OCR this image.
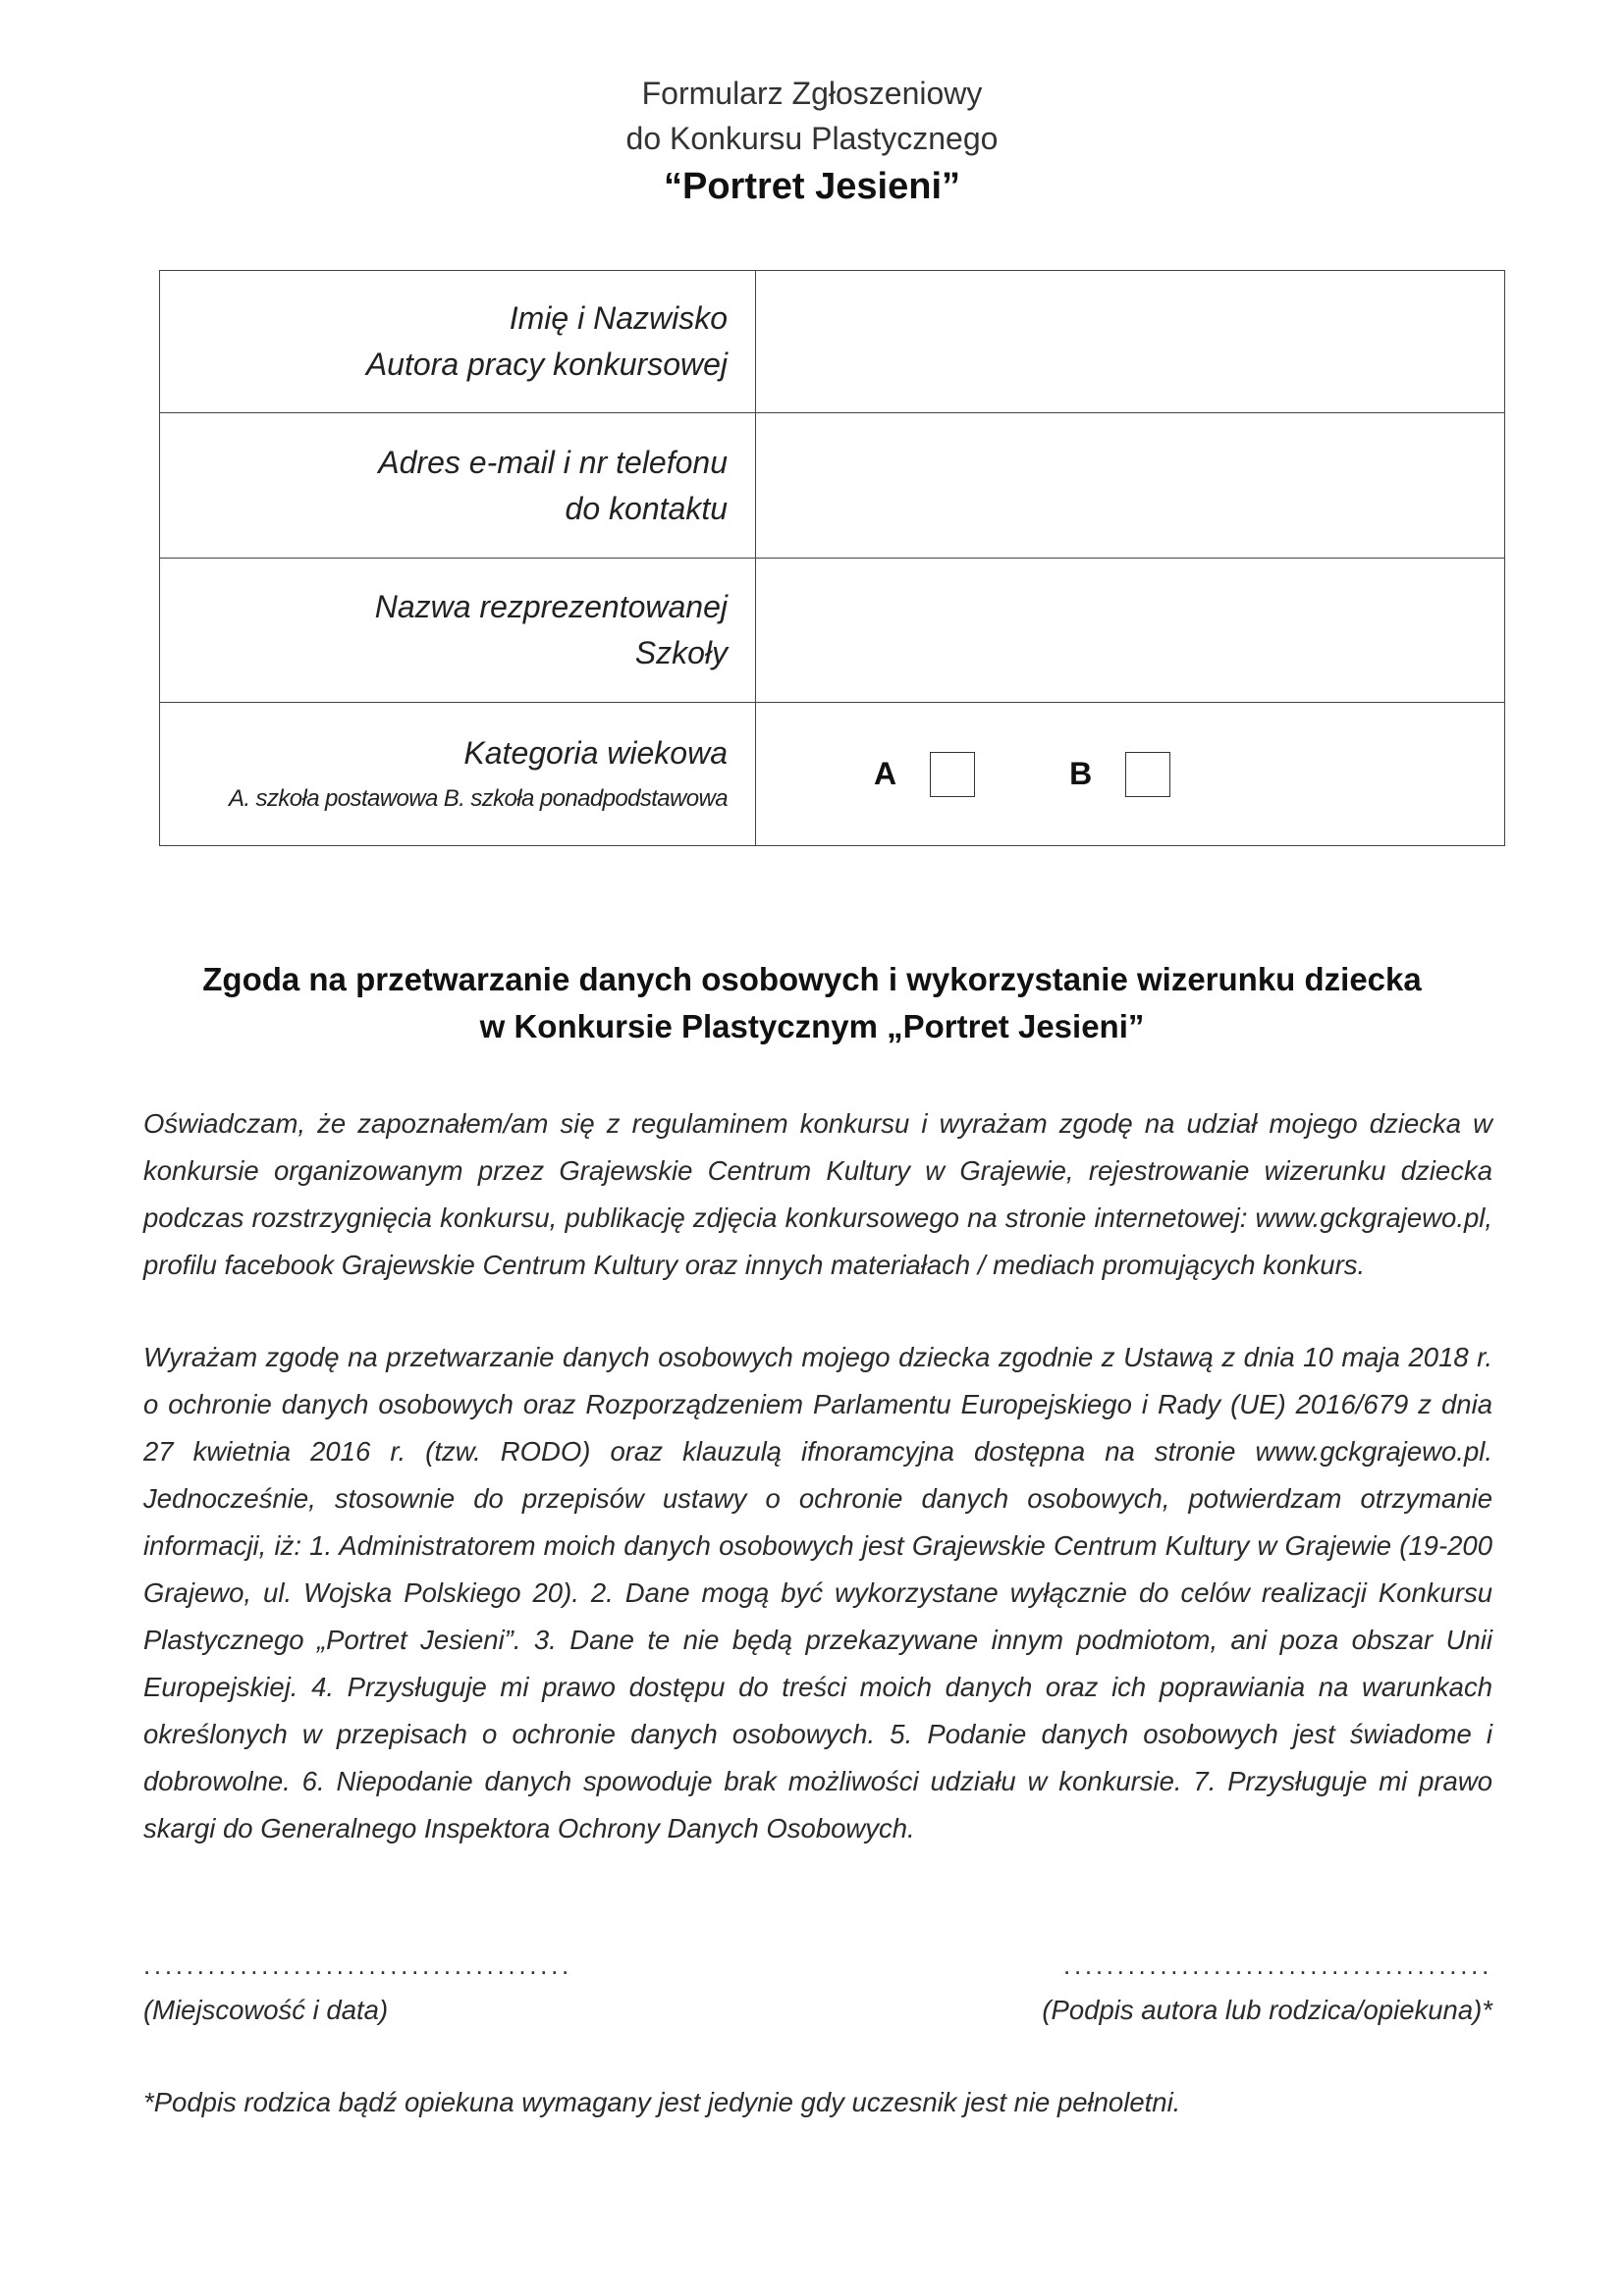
Formularz Zgłoszeniowy
do Konkursu Plastycznego
“Portret Jesieni”
Imię i Nazwisko
Autora pracy konkursowej	

Adres e-mail i nr telefonu
do kontaktu	

Nazwa rezprezentowanej
Szkoły	

Kategoria wiekowa
A. szkoła postawowa B. szkoła ponadpodstawowa	A B
Zgoda na przetwarzanie danych osobowych i wykorzystanie wizerunku dziecka
w Konkursie Plastycznym „Portret Jesieni”
Oświadczam, że zapoznałem/am się z regulaminem konkursu i wyrażam zgodę na udział mojego dziecka w konkursie organizowanym przez Grajewskie Centrum Kultury w Grajewie, rejestrowanie wizerunku dziecka podczas rozstrzygnięcia konkursu, publikację zdjęcia konkursowego na stronie internetowej: www.gckgrajewo.pl, profilu facebook Grajewskie Centrum Kultury oraz innych materiałach / mediach promujących konkurs.
Wyrażam zgodę na przetwarzanie danych osobowych mojego dziecka zgodnie z Ustawą z dnia 10 maja 2018 r. o ochronie danych osobowych oraz Rozporządzeniem Parlamentu Europejskiego i Rady (UE) 2016/679 z dnia 27 kwietnia 2016 r. (tzw. RODO) oraz klauzulą ifnoramcyjna dostępna na stronie www.gckgrajewo.pl. Jednocześnie, stosownie do przepisów ustawy o ochronie danych osobowych, potwierdzam otrzymanie informacji, iż: 1. Administratorem moich danych osobowych jest Grajewskie Centrum Kultury w Grajewie (19-200 Grajewo, ul. Wojska Polskiego 20). 2. Dane mogą być wykorzystane wyłącznie do celów realizacji Konkursu Plastycznego „Portret Jesieni”. 3. Dane te nie będą przekazywane innym podmiotom, ani poza obszar Unii Europejskiej. 4. Przysługuje mi prawo dostępu do treści moich danych oraz ich poprawiania na warunkach określonych w przepisach o ochronie danych osobowych. 5. Podanie danych osobowych jest świadome i dobrowolne. 6. Niepodanie danych spowoduje brak możliwości udziału w konkursie. 7. Przysługuje mi prawo skargi do Generalnego Inspektora Ochrony Danych Osobowych.
........................................	........................................
(Miejscowość i data)	(Podpis autora lub rodzica/opiekuna)*
*Podpis rodzica bądź opiekuna wymagany jest jedynie gdy uczesnik jest nie pełnoletni.
